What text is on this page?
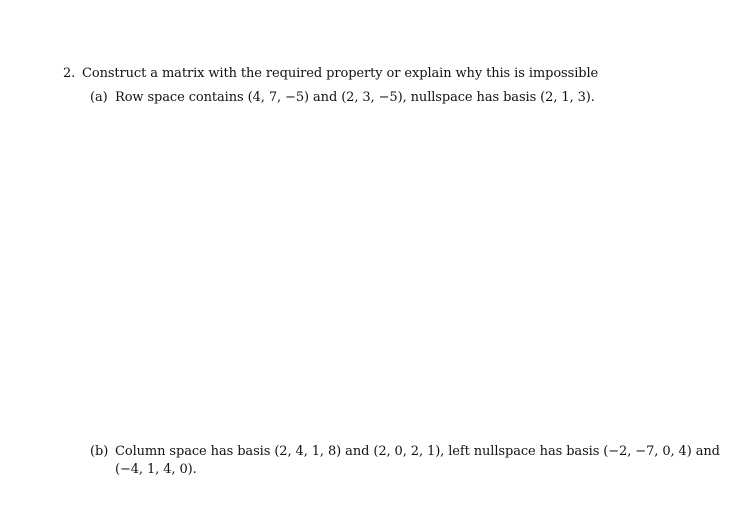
2. Construct a matrix with the required property or explain why this is impossible
(a) Row space contains (4, 7, −5) and (2, 3, −5), nullspace has basis (2, 1, 3).
(b) Column space has basis (2, 4, 1, 8) and (2, 0, 2, 1), left nullspace has basis (−2, −7, 0, 4) and
(−4, 1, 4, 0).
